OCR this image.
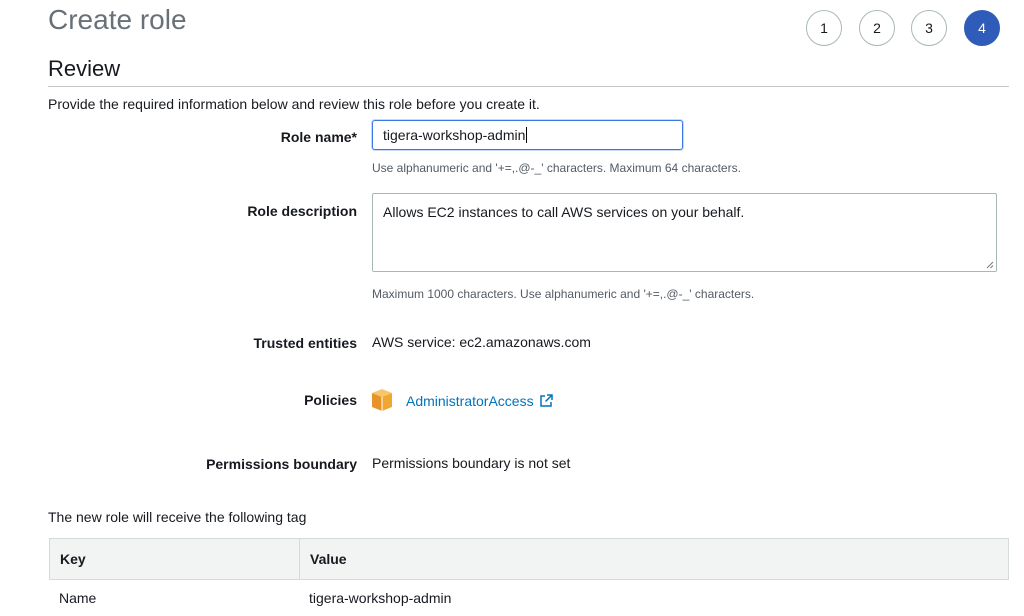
Create role	1	2	3	4
Review
Provide the required information below and review this role before you create it.
Role name* tigera-workshop-admin
Use alphanumeric and '+=,.@-_' characters. Maximum 64 characters.
Role description	Allows EC2 instances to call AWS services on your behalf.
Maximum 1000 characters. Use alphanumeric and '+=,.@-_' characters.
Trusted entities AWS service: ec2.amazonaws.com
Policies	AdministratorAccess
Permissions boundary Permissions boundary is not set
The new role will receive the following tag
Key	Value
Name	tigera-workshop-admin
